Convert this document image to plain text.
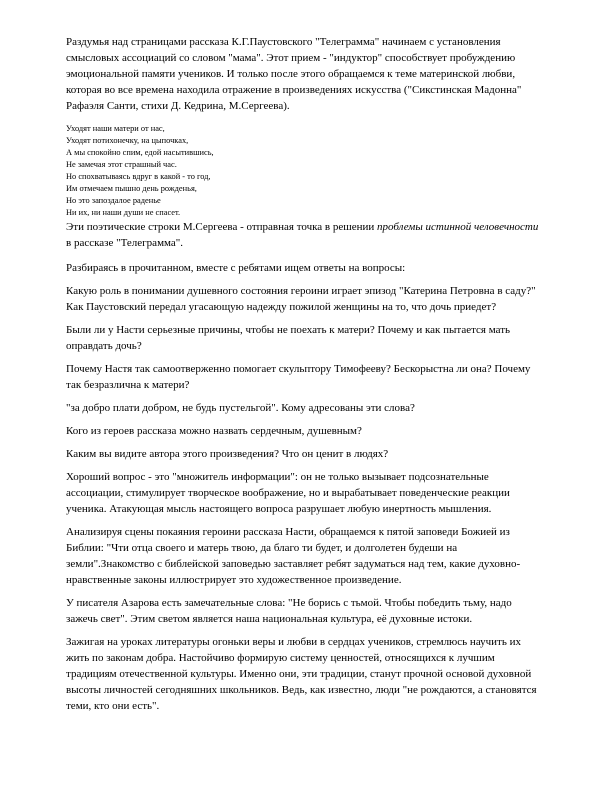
Раздумья над страницами рассказа К.Г.Паустовского "Телеграмма" начинаем с установления смысловых ассоциаций со словом "мама". Этот прием - "индуктор" способствует пробуждению эмоциональной памяти учеников. И только после этого обращаемся к теме материнской любви, которая во все времена находила отражение в произведениях искусства ("Сикстинская Мадонна" Рафаэля Санти, стихи Д. Кедрина, М.Сергеева).

Уходят наши матери от нас,
Уходят потихонечку, на цыпочках,
А мы спокойно спим, едой насытившись,
Не замечая этот страшный час.
Но спохватываясь вдруг в какой - то год,
Им отмечаем пышно день рожденья,
Но это запоздалое раденье
Ни их, ни наши души не спасет.

Эти поэтические строки М.Сергеева - отправная точка в решении проблемы истинной человечности в рассказе "Телеграмма".

Разбираясь в прочитанном, вместе с ребятами ищем ответы на вопросы:

Какую роль в понимании душевного состояния героини играет эпизод "Катерина Петровна в саду?" Как Паустовский передал угасающую надежду пожилой женщины на то, что дочь приедет?

Были ли у Насти серьезные причины, чтобы не поехать к матери? Почему и как пытается мать оправдать дочь?

Почему Настя так самоотверженно помогает скульптору Тимофееву? Бескорыстна ли она? Почему так безразлична к матери?

"за добро плати добром, не будь пустельгой". Кому адресованы эти слова?

Кого из героев рассказа можно назвать сердечным, душевным?

Каким вы видите автора этого произведения? Что он ценит в людях?

Хороший вопрос - это "множитель информации": он не только вызывает подсознательные ассоциации, стимулирует творческое воображение, но и вырабатывает поведенческие реакции ученика. Атакующая мысль настоящего вопроса разрушает любую инертность мышления.

Анализируя сцены покаяния героини рассказа Насти, обращаемся к пятой заповеди Божией из Библии: "Чти отца своего и матерь твою, да благо ти будет, и долголетен будеши на земли".Знакомство с библейской заповедью заставляет ребят задуматься над тем, какие духовно-нравственные законы иллюстрирует это художественное произведение.

У писателя Азарова есть замечательные слова: "Не борись с тьмой. Чтобы победить тьму, надо зажечь свет". Этим светом является наша национальная культура, её духовные истоки.

Зажигая на уроках литературы огоньки веры и любви в сердцах учеников, стремлюсь научить их жить по законам добра. Настойчиво формирую систему ценностей, относящихся к лучшим традициям отечественной культуры. Именно они, эти традиции, станут прочной основой духовной высоты личностей сегодняшних школьников. Ведь, как известно, люди "не рождаются, а становятся теми, кто они есть".
